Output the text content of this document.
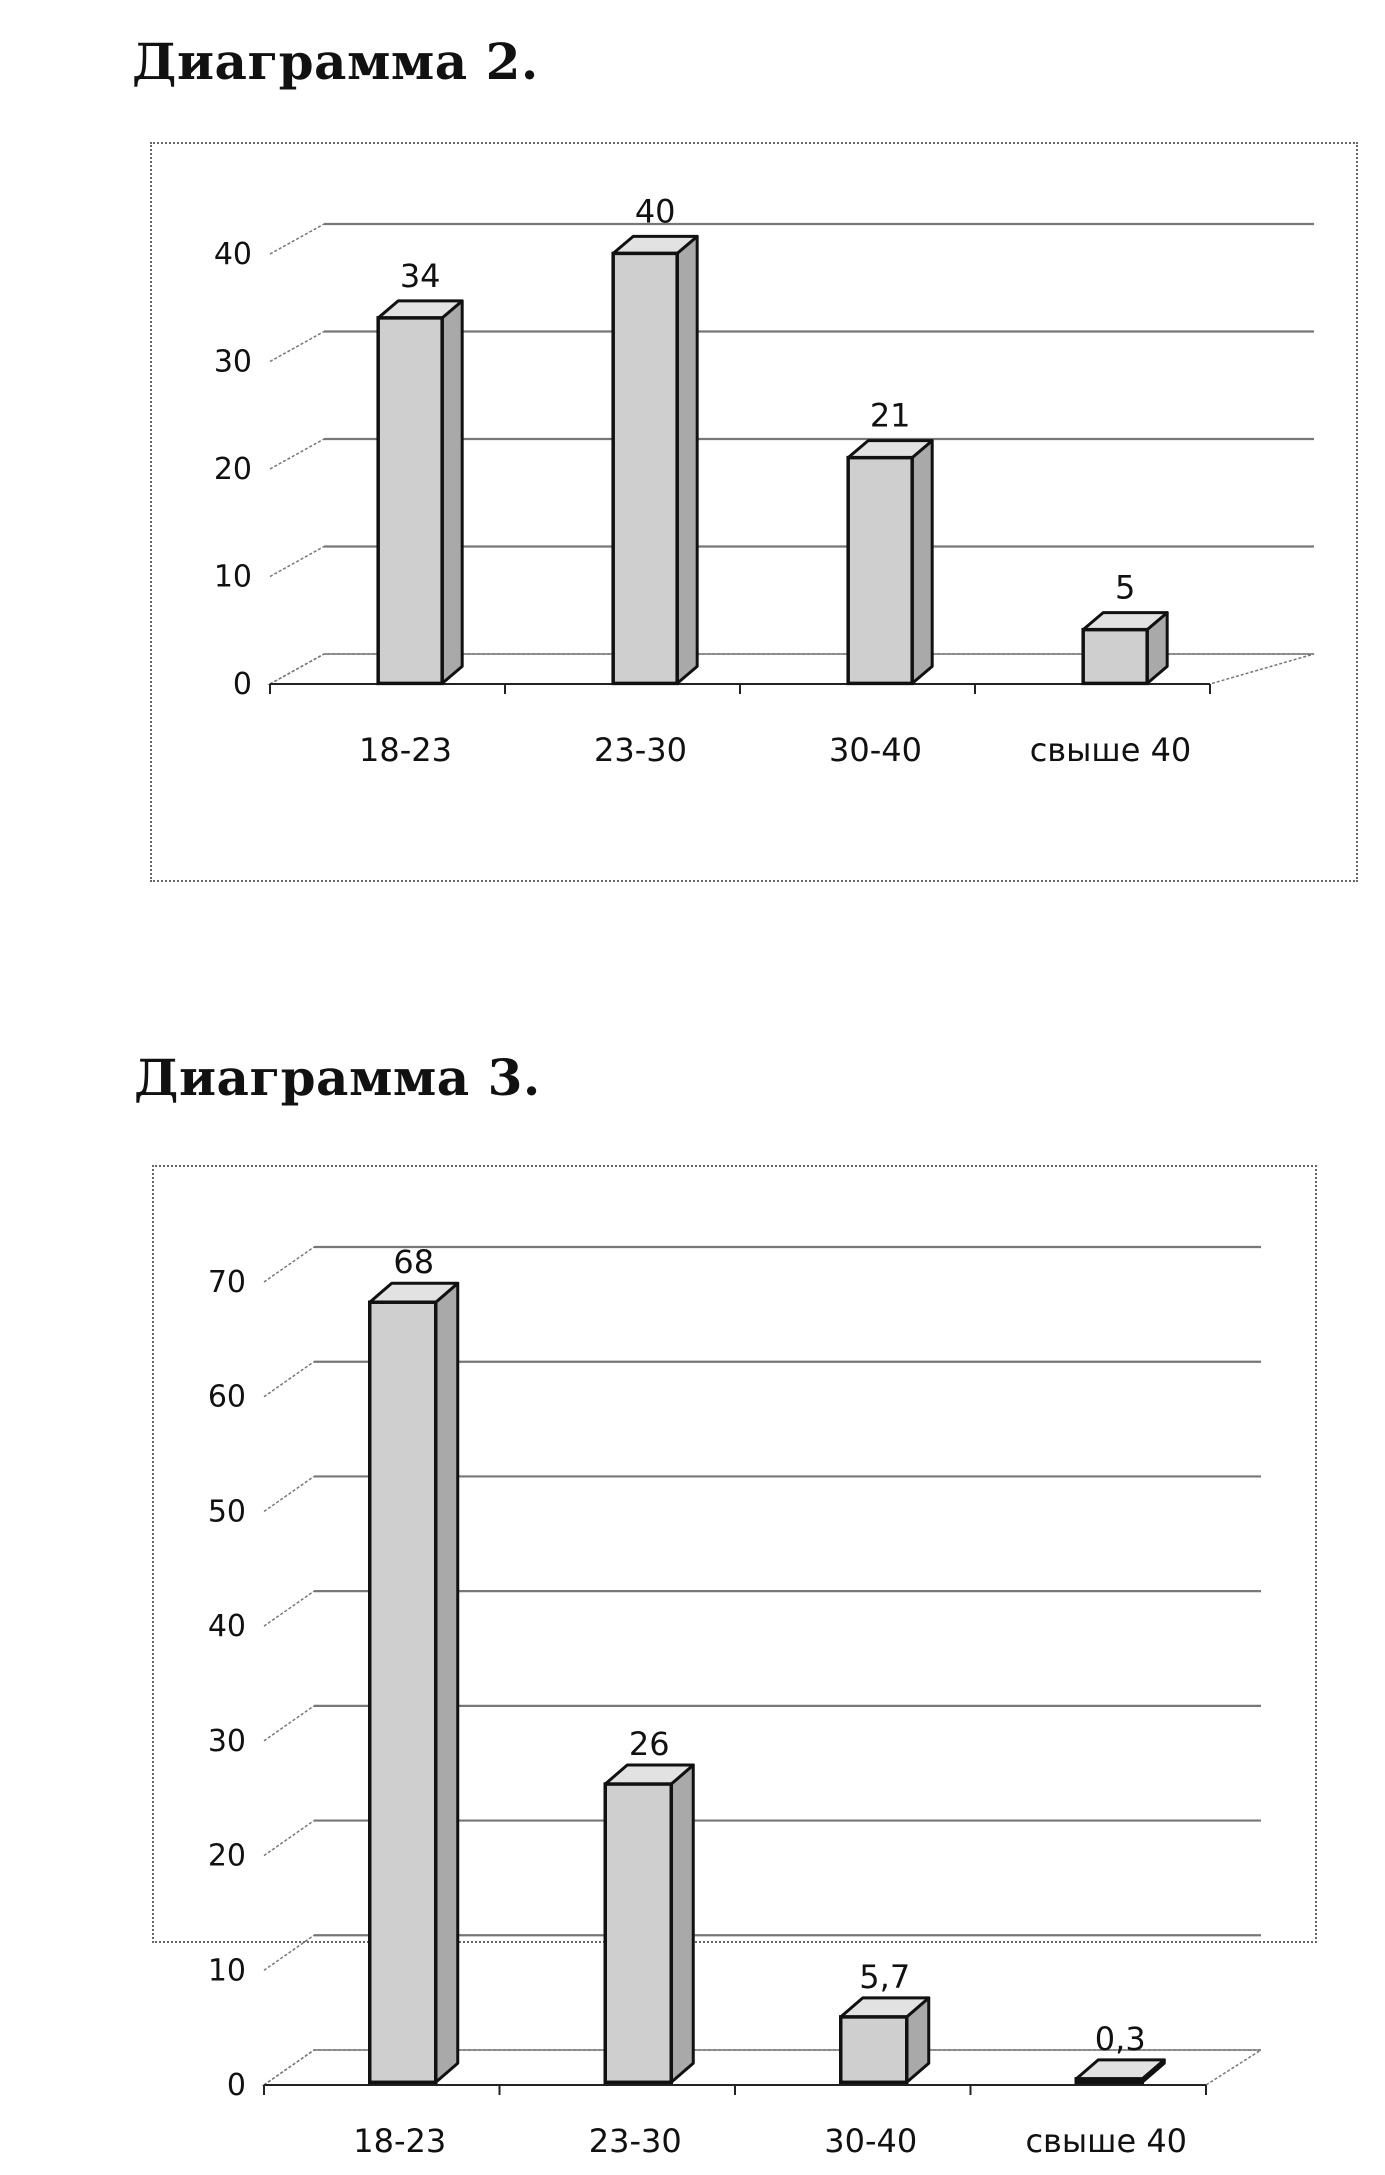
Диаграмма 2.
0
10
20
30
40
34
18-23
40
23-30
21
30-40
5
свыше 40
Диаграмма 3.
0
10
20
30
40
50
60
70
68
18-23
26
23-30
5,7
30-40
0,3
свыше 40
